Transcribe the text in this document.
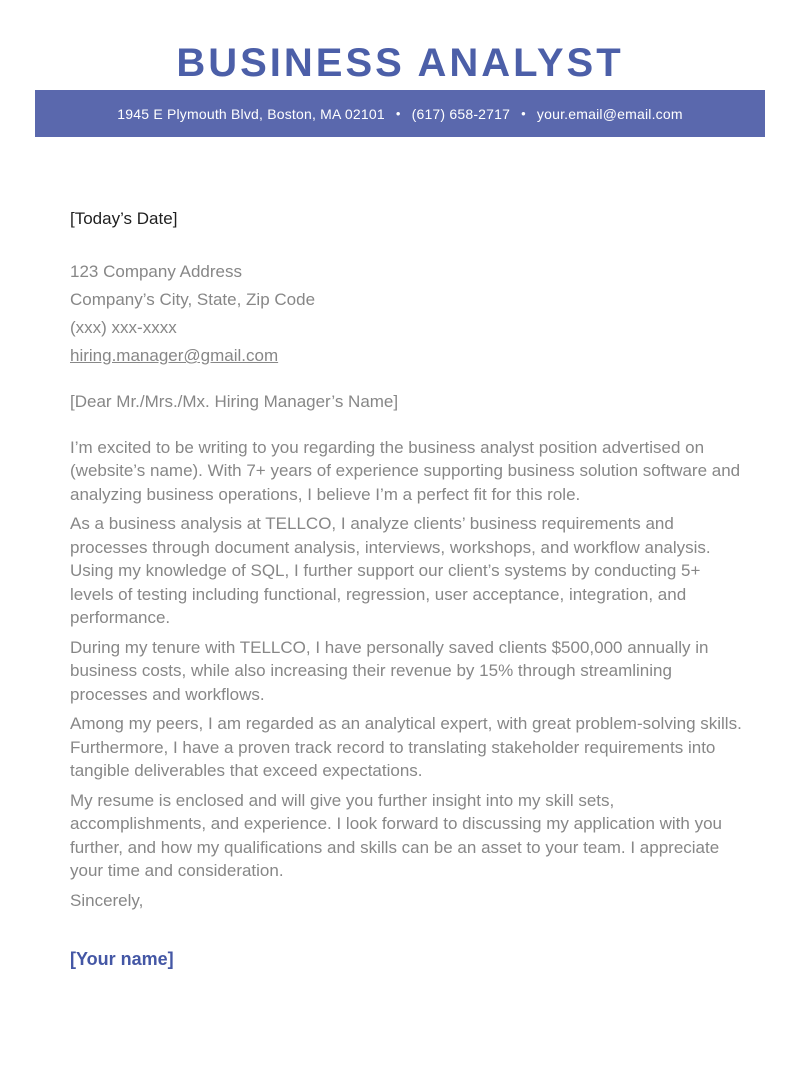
BUSINESS ANALYST
1945 E Plymouth Blvd, Boston, MA 02101 • (617) 658-2717 • your.email@email.com
[Today’s Date]
123 Company Address
Company’s City, State, Zip Code
(xxx) xxx-xxxx
hiring.manager@gmail.com
[Dear Mr./Mrs./Mx. Hiring Manager’s Name]

I’m excited to be writing to you regarding the business analyst position advertised on (website’s name). With 7+ years of experience supporting business solution software and analyzing business operations, I believe I’m a perfect fit for this role.

As a business analysis at TELLCO, I analyze clients’ business requirements and processes through document analysis, interviews, workshops, and workflow analysis. Using my knowledge of SQL, I further support our client’s systems by conducting 5+ levels of testing including functional, regression, user acceptance, integration, and performance.

During my tenure with TELLCO, I have personally saved clients $500,000 annually in business costs, while also increasing their revenue by 15% through streamlining processes and workflows.

Among my peers, I am regarded as an analytical expert, with great problem-solving skills. Furthermore, I have a proven track record to translating stakeholder requirements into tangible deliverables that exceed expectations.

My resume is enclosed and will give you further insight into my skill sets, accomplishments, and experience. I look forward to discussing my application with you further, and how my qualifications and skills can be an asset to your team. I appreciate your time and consideration.

Sincerely,
[Your name]
